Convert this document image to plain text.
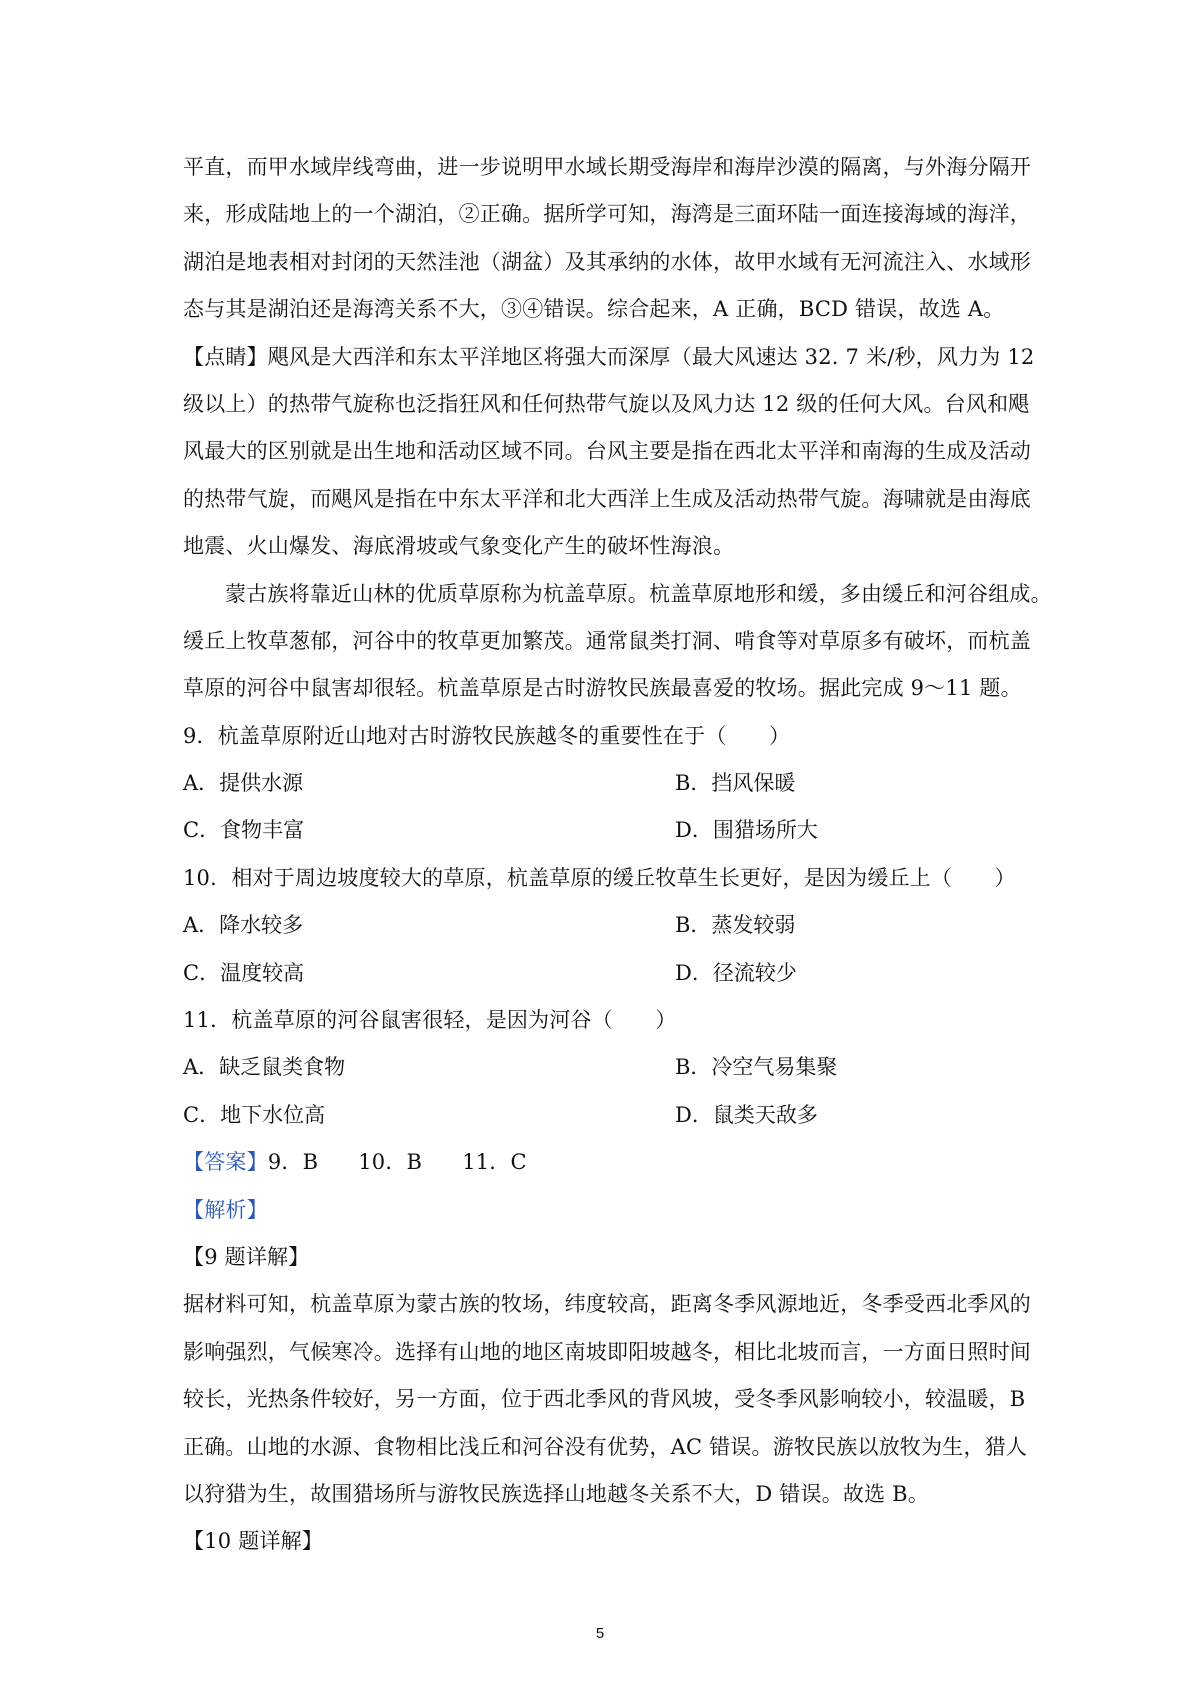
平直，而甲水域岸线弯曲，进一步说明甲水域长期受海岸和海岸沙漠的隔离，与外海分隔开
来，形成陆地上的一个湖泊，②正确。据所学可知，海湾是三面环陆一面连接海域的海洋，
湖泊是地表相对封闭的天然洼池（湖盆）及其承纳的水体，故甲水域有无河流注入、水域形
态与其是湖泊还是海湾关系不大，③④错误。综合起来，A 正确，BCD 错误，故选 A。
【点睛】飓风是大西洋和东太平洋地区将强大而深厚（最大风速达 32. 7 米/秒，风力为 12
级以上）的热带气旋称也泛指狂风和任何热带气旋以及风力达 12 级的任何大风。台风和飓
风最大的区别就是出生地和活动区域不同。台风主要是指在西北太平洋和南海的生成及活动
的热带气旋，而飓风是指在中东太平洋和北大西洋上生成及活动热带气旋。海啸就是由海底
地震、火山爆发、海底滑坡或气象变化产生的破坏性海浪。
蒙古族将靠近山林的优质草原称为杭盖草原。杭盖草原地形和缓，多由缓丘和河谷组成。
缓丘上牧草葱郁，河谷中的牧草更加繁茂。通常鼠类打洞、啃食等对草原多有破坏，而杭盖
草原的河谷中鼠害却很轻。杭盖草原是古时游牧民族最喜爱的牧场。据此完成 9～11 题。
9．杭盖草原附近山地对古时游牧民族越冬的重要性在于（　　）
A．提供水源	B．挡风保暖
C．食物丰富	D．围猎场所大
10．相对于周边坡度较大的草原，杭盖草原的缓丘牧草生长更好，是因为缓丘上（　　）
A．降水较多	B．蒸发较弱
C．温度较高	D．径流较少
11．杭盖草原的河谷鼠害很轻，是因为河谷（　　）
A．缺乏鼠类食物	B．冷空气易集聚
C．地下水位高	D．鼠类天敌多
【答案】9．B 10．B 11．C
【解析】
【9 题详解】
据材料可知，杭盖草原为蒙古族的牧场，纬度较高，距离冬季风源地近，冬季受西北季风的
影响强烈，气候寒冷。选择有山地的地区南坡即阳坡越冬，相比北坡而言，一方面日照时间
较长，光热条件较好，另一方面，位于西北季风的背风坡，受冬季风影响较小，较温暖，B
正确。山地的水源、食物相比浅丘和河谷没有优势，AC 错误。游牧民族以放牧为生，猎人
以狩猎为生，故围猎场所与游牧民族选择山地越冬关系不大，D 错误。故选 B。
【10 题详解】
5
